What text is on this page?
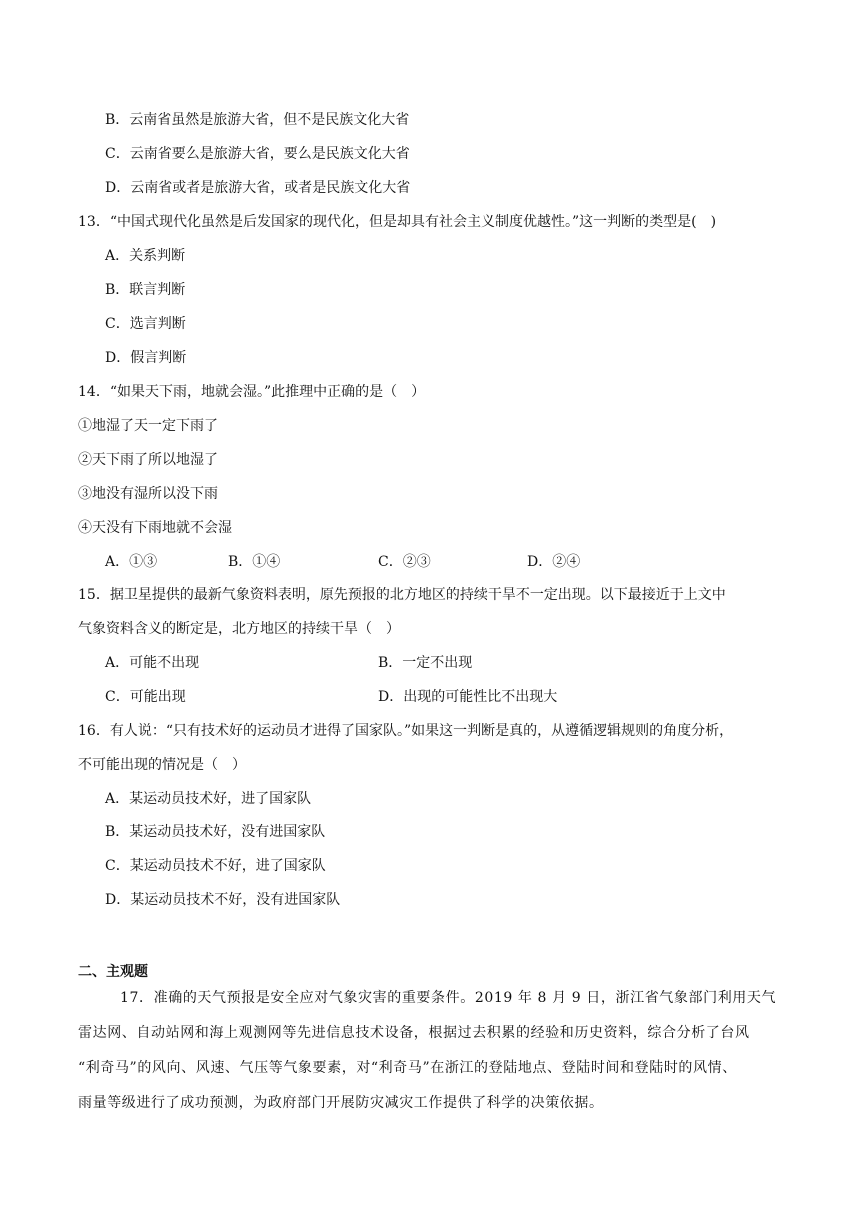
B．云南省虽然是旅游大省，但不是民族文化大省
C．云南省要么是旅游大省，要么是民族文化大省
D．云南省或者是旅游大省，或者是民族文化大省
13．“中国式现代化虽然是后发国家的现代化，但是却具有社会主义制度优越性。”这一判断的类型是(　)
A．关系判断
B．联言判断
C．选言判断
D．假言判断
14．“如果天下雨，地就会湿。”此推理中正确的是（　）
①地湿了天一定下雨了
②天下雨了所以地湿了
③地没有湿所以没下雨
④天没有下雨地就不会湿
A．①③	B．①④	C．②③	D．②④
15．据卫星提供的最新气象资料表明，原先预报的北方地区的持续干旱不一定出现。以下最接近于上文中
气象资料含义的断定是，北方地区的持续干旱（　）
A．可能不出现	B．一定不出现
C．可能出现	D．出现的可能性比不出现大
16．有人说：“只有技术好的运动员才进得了国家队。”如果这一判断是真的，从遵循逻辑规则的角度分析，
不可能出现的情况是（　）
A．某运动员技术好，进了国家队
B．某运动员技术好，没有进国家队
C．某运动员技术不好，进了国家队
D．某运动员技术不好，没有进国家队
二、主观题
17．准确的天气预报是安全应对气象灾害的重要条件。2019 年 8 月 9 日，浙江省气象部门利用天气
雷达网、自动站网和海上观测网等先进信息技术设备，根据过去积累的经验和历史资料，综合分析了台风
“利奇马”的风向、风速、气压等气象要素，对“利奇马”在浙江的登陆地点、登陆时间和登陆时的风情、
雨量等级进行了成功预测，为政府部门开展防灾减灾工作提供了科学的决策依据。
